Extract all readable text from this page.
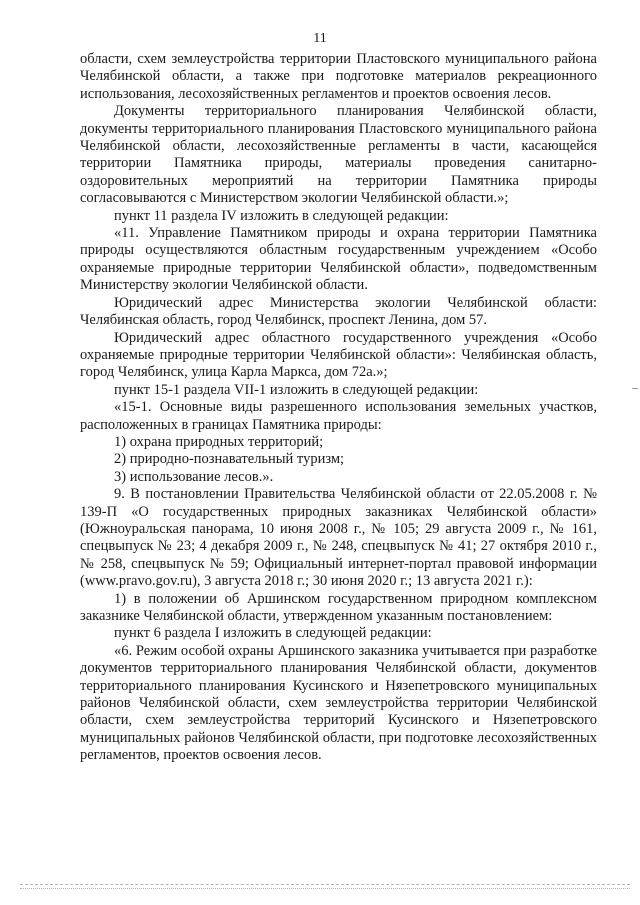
11

области, схем землеустройства территории Пластовского муниципального района Челябинской области, а также при подготовке материалов рекреационного использования, лесохозяйственных регламентов и проектов освоения лесов.

Документы территориального планирования Челябинской области, документы территориального планирования Пластовского муниципального района Челябинской области, лесохозяйственные регламенты в части, касающейся территории Памятника природы, материалы проведения санитарно-оздоровительных мероприятий на территории Памятника природы согласовываются с Министерством экологии Челябинской области.»;

пункт 11 раздела IV изложить в следующей редакции:

«11. Управление Памятником природы и охрана территории Памятника природы осуществляются областным государственным учреждением «Особо охраняемые природные территории Челябинской области», подведомственным Министерству экологии Челябинской области.

Юридический адрес Министерства экологии Челябинской области: Челябинская область, город Челябинск, проспект Ленина, дом 57.

Юридический адрес областного государственного учреждения «Особо охраняемые природные территории Челябинской области»: Челябинская область, город Челябинск, улица Карла Маркса, дом 72а.»;

пункт 15-1 раздела VII-1 изложить в следующей редакции:

«15-1. Основные виды разрешенного использования земельных участков, расположенных в границах Памятника природы:

1) охрана природных территорий;

2) природно-познавательный туризм;

3) использование лесов.».

9. В постановлении Правительства Челябинской области от 22.05.2008 г. № 139-П «О государственных природных заказниках Челябинской области» (Южноуральская панорама, 10 июня 2008 г., № 105; 29 августа 2009 г., № 161, спецвыпуск № 23; 4 декабря 2009 г., № 248, спецвыпуск № 41; 27 октября 2010 г., № 258, спецвыпуск № 59; Официальный интернет-портал правовой информации (www.pravo.gov.ru), 3 августа 2018 г.; 30 июня 2020 г.; 13 августа 2021 г.):

1) в положении об Аршинском государственном природном комплексном заказнике Челябинской области, утвержденном указанным постановлением:

пункт 6 раздела I изложить в следующей редакции:

«6. Режим особой охраны Аршинского заказника учитывается при разработке документов территориального планирования Челябинской области, документов территориального планирования Кусинского и Нязепетровского муниципальных районов Челябинской области, схем землеустройства территории Челябинской области, схем землеустройства территорий Кусинского и Нязепетровского муниципальных районов Челябинской области, при подготовке лесохозяйственных регламентов, проектов освоения лесов.
